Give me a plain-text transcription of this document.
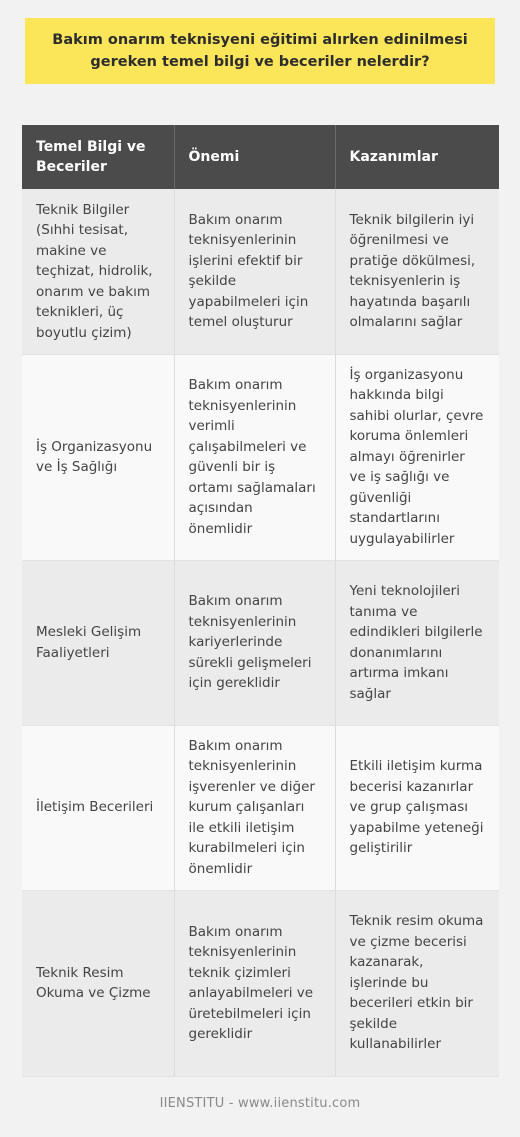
Bakım onarım teknisyeni eğitimi alırken edinilmesi gereken temel bilgi ve beceriler nelerdir?
Temel Bilgi ve Beceriler	Önemi	Kazanımlar
Teknik Bilgiler (Sıhhi tesisat, makine ve teçhizat, hidrolik, onarım ve bakım teknikleri, üç boyutlu çizim)	Bakım onarım teknisyenlerinin işlerini efektif bir şekilde yapabilmeleri için temel oluşturur	Teknik bilgilerin iyi öğrenilmesi ve pratiğe dökülmesi, teknisyenlerin iş hayatında başarılı olmalarını sağlar
İş Organizasyonu ve İş Sağlığı	Bakım onarım teknisyenlerinin verimli çalışabilmeleri ve güvenli bir iş ortamı sağlamaları açısından önemlidir	İş organizasyonu hakkında bilgi sahibi olurlar, çevre koruma önlemleri almayı öğrenirler ve iş sağlığı ve güvenliği standartlarını uygulayabilirler
Mesleki Gelişim Faaliyetleri	Bakım onarım teknisyenlerinin kariyerlerinde sürekli gelişmeleri için gereklidir	Yeni teknolojileri tanıma ve edindikleri bilgilerle donanımlarını artırma imkanı sağlar
İletişim Becerileri	Bakım onarım teknisyenlerinin işverenler ve diğer kurum çalışanları ile etkili iletişim kurabilmeleri için önemlidir	Etkili iletişim kurma becerisi kazanırlar ve grup çalışması yapabilme yeteneği geliştirilir
Teknik Resim Okuma ve Çizme	Bakım onarım teknisyenlerinin teknik çizimleri anlayabilmeleri ve üretebilmeleri için gereklidir	Teknik resim okuma ve çizme becerisi kazanarak, işlerinde bu becerileri etkin bir şekilde kullanabilirler
IIENSTITU - www.iienstitu.com
